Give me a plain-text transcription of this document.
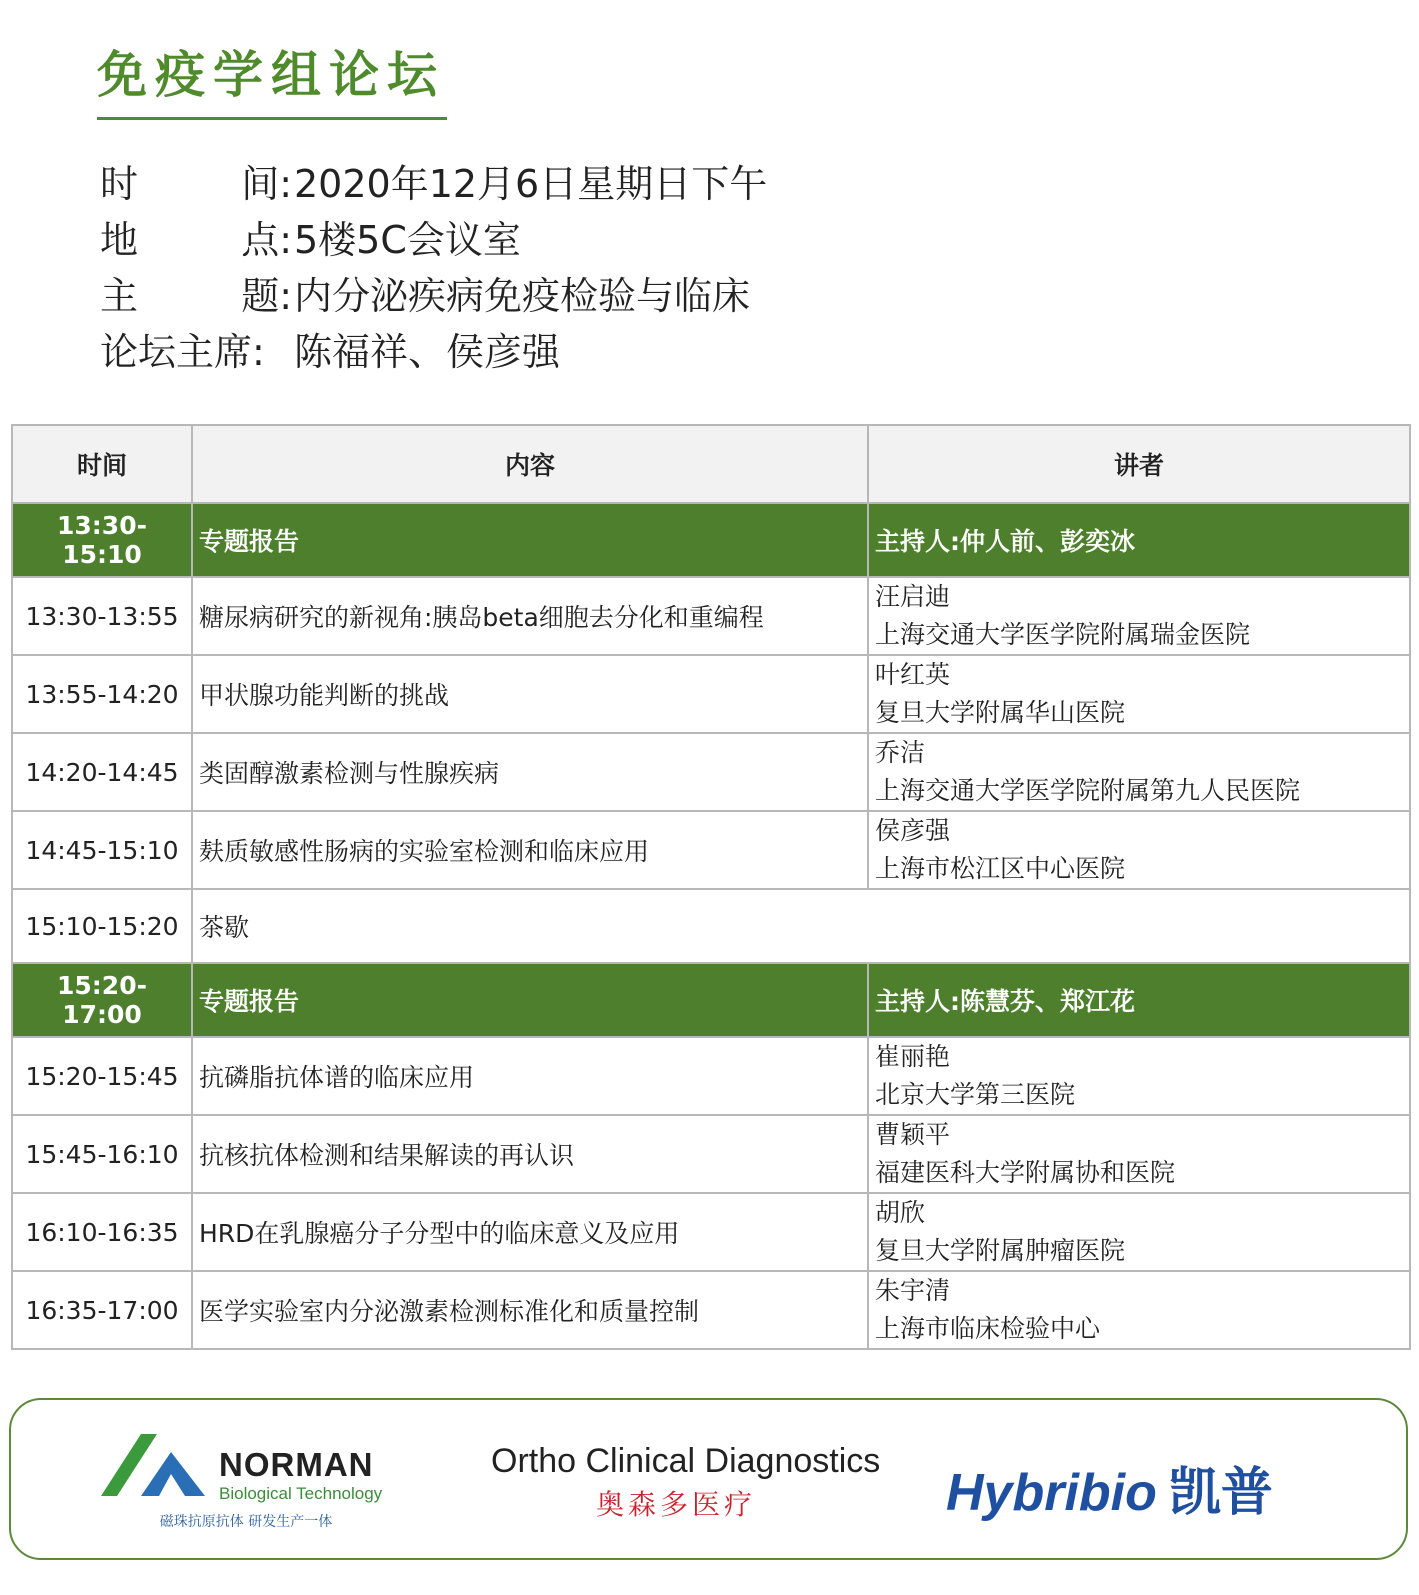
免疫学组论坛
时	间: 2020年12月6日星期日下午
地	点: 5楼5C会议室
主	题: 内分泌疾病免疫检验与临床
论坛主席: 陈福祥、侯彦强
时间	内容	讲者
13:30-15:10	专题报告	主持人:仲人前、彭奕冰
13:30-13:55	糖尿病研究的新视角:胰岛beta细胞去分化和重编程	汪启迪
上海交通大学医学院附属瑞金医院

13:55-14:20	甲状腺功能判断的挑战	叶红英
复旦大学附属华山医院

14:20-14:45	类固醇激素检测与性腺疾病	乔洁
上海交通大学医学院附属第九人民医院

14:45-15:10	麸质敏感性肠病的实验室检测和临床应用	侯彦强
上海市松江区中心医院

15:10-15:20	茶歇	
15:20-17:00	专题报告	主持人:陈慧芬、郑江花
15:20-15:45	抗磷脂抗体谱的临床应用	崔丽艳
北京大学第三医院

15:45-16:10	抗核抗体检测和结果解读的再认识	曹颖平
福建医科大学附属协和医院

16:10-16:35	HRD在乳腺癌分子分型中的临床意义及应用	胡欣
复旦大学附属肿瘤医院

16:35-17:00	医学实验室内分泌激素检测标准化和质量控制	朱宇清
上海市临床检验中心
NORMAN
Biological Technology
磁珠抗原抗体 研发生产一体
Ortho Clinical Diagnostics
奥森多医疗	Hybribio 凯普
